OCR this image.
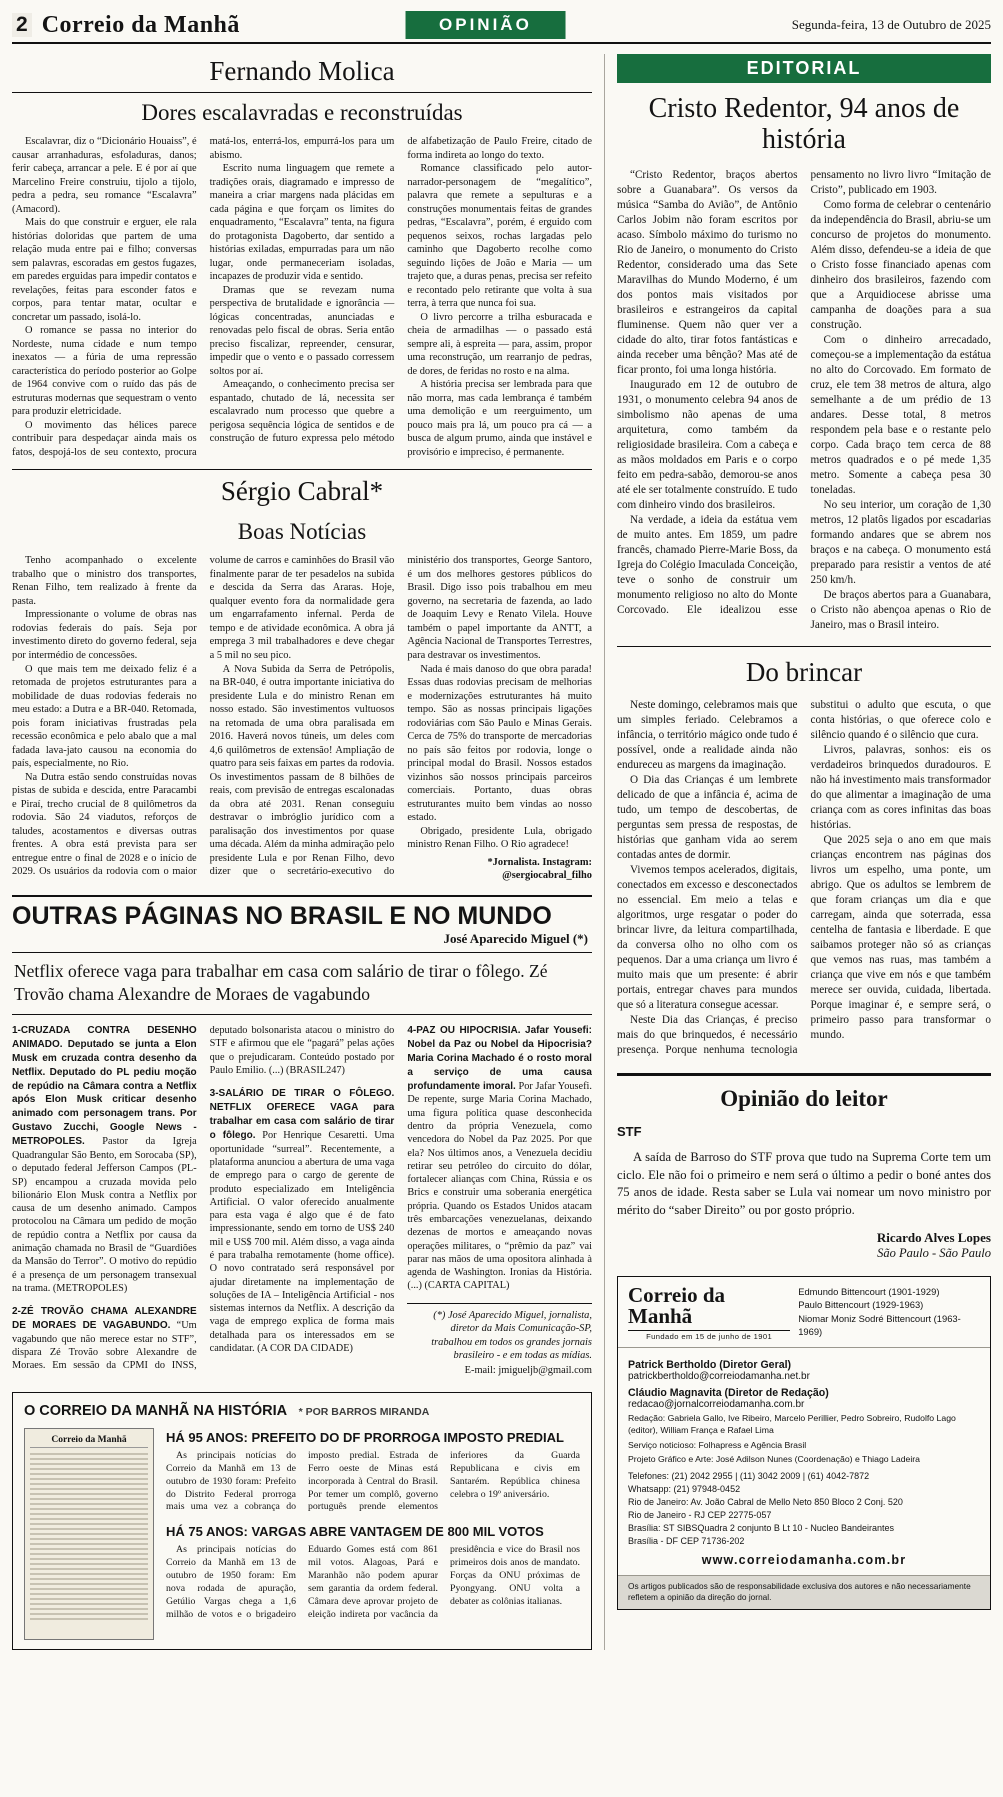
2 Correio da Manhã	OPINIÃO	Segunda-feira, 13 de Outubro de 2025
Fernando Molica
Dores escalavradas e reconstruídas

Escalavrar, diz o “Dicionário Houaiss”, é causar arranhaduras, esfoladuras, danos; ferir cabeça, arrancar a pele. E é por aí que Marcelino Freire construiu, tijolo a tijolo, pedra a pedra, seu romance “Escalavra” (Amacord).

Mais do que construir e erguer, ele rala histórias doloridas que partem de uma relação muda entre pai e filho; conversas sem palavras, escoradas em gestos fugazes, em paredes erguidas para impedir contatos e revelações, feitas para esconder fatos e corpos, para tentar matar, ocultar e concretar um passado, isolá-lo.

O romance se passa no interior do Nordeste, numa cidade e num tempo inexatos — a fúria de uma repressão característica do período posterior ao Golpe de 1964 convive com o ruído das pás de estruturas modernas que sequestram o vento para produzir eletricidade.

O movimento das hélices parece contribuir para despedaçar ainda mais os fatos, despojá-los de seu contexto, procura matá-los, enterrá-los, empurrá-los para um abismo.

Escrito numa linguagem que remete a tradições orais, diagramado e impresso de maneira a criar margens nada plácidas em cada página e que forçam os limites do enquadramento, “Escalavra” tenta, na figura do protagonista Dagoberto, dar sentido a histórias exiladas, empurradas para um não lugar, onde permaneceriam isoladas, incapazes de produzir vida e sentido.

Dramas que se revezam numa perspectiva de brutalidade e ignorância — lógicas concentradas, anunciadas e renovadas pelo fiscal de obras. Seria então preciso fiscalizar, repreender, censurar, impedir que o vento e o passado corressem soltos por aí.

Ameaçando, o conhecimento precisa ser espantado, chutado de lá, necessita ser escalavrado num processo que quebre a perigosa sequência lógica de sentidos e de construção de futuro expressa pelo método de alfabetização de Paulo Freire, citado de forma indireta ao longo do texto.

Romance classificado pelo autor-narrador-personagem de “megalítico”, palavra que remete a sepulturas e a construções monumentais feitas de grandes pedras, “Escalavra”, porém, é erguido com pequenos seixos, rochas largadas pelo caminho que Dagoberto recolhe como seguindo lições de João e Maria — um trajeto que, a duras penas, precisa ser refeito e recontado pelo retirante que volta à sua terra, à terra que nunca foi sua.

O livro percorre a trilha esburacada e cheia de armadilhas — o passado está sempre ali, à espreita — para, assim, propor uma reconstrução, um rearranjo de pedras, de dores, de feridas no rosto e na alma.

A história precisa ser lembrada para que não morra, mas cada lembrança é também uma demolição e um reerguimento, um pouco mais pra lá, um pouco pra cá — a busca de algum prumo, ainda que instável e provisório e impreciso, é permanente.

Sérgio Cabral*
Boas Notícias

Tenho acompanhado o excelente trabalho que o ministro dos transportes, Renan Filho, tem realizado à frente da pasta.

Impressionante o volume de obras nas rodovias federais do país. Seja por investimento direto do governo federal, seja por intermédio de concessões.

O que mais tem me deixado feliz é a retomada de projetos estruturantes para a mobilidade de duas rodovias federais no meu estado: a Dutra e a BR-040. Retomada, pois foram iniciativas frustradas pela recessão econômica e pelo abalo que a mal fadada lava-jato causou na economia do país, especialmente, no Rio.

Na Dutra estão sendo construídas novas pistas de subida e descida, entre Paracambi e Piraí, trecho crucial de 8 quilômetros da rodovia. São 24 viadutos, reforços de taludes, acostamentos e diversas outras frentes. A obra está prevista para ser entregue entre o final de 2028 e o início de 2029. Os usuários da rodovia com o maior volume de carros e caminhões do Brasil vão finalmente parar de ter pesadelos na subida e descida da Serra das Araras. Hoje, qualquer evento fora da normalidade gera um engarrafamento infernal. Perda de tempo e de atividade econômica. A obra já emprega 3 mil trabalhadores e deve chegar a 5 mil no seu pico.

A Nova Subida da Serra de Petrópolis, na BR-040, é outra importante iniciativa do presidente Lula e do ministro Renan em nosso estado. São investimentos vultuosos na retomada de uma obra paralisada em 2016. Haverá novos túneis, um deles com 4,6 quilômetros de extensão! Ampliação de quatro para seis faixas em partes da rodovia. Os investimentos passam de 8 bilhões de reais, com previsão de entregas escalonadas da obra até 2031. Renan conseguiu destravar o imbróglio jurídico com a paralisação dos investimentos por quase uma década. Além da minha admiração pelo presidente Lula e por Renan Filho, devo dizer que o secretário-executivo do ministério dos transportes, George Santoro, é um dos melhores gestores públicos do Brasil. Digo isso pois trabalhou em meu governo, na secretaria de fazenda, ao lado de Joaquim Levy e Renato Vilela. Houve também o papel importante da ANTT, a Agência Nacional de Transportes Terrestres, para destravar os investimentos.

Nada é mais danoso do que obra parada! Essas duas rodovias precisam de melhorias e modernizações estruturantes há muito tempo. São as nossas principais ligações rodoviárias com São Paulo e Minas Gerais. Cerca de 75% do transporte de mercadorias no país são feitos por rodovia, longe o principal modal do Brasil. Nossos estados vizinhos são nossos principais parceiros comerciais. Portanto, duas obras estruturantes muito bem vindas ao nosso estado.

Obrigado, presidente Lula, obrigado ministro Renan Filho. O Rio agradece!

*Jornalista. Instagram: @sergiocabral_filho

OUTRAS PÁGINAS NO BRASIL E NO MUNDO
José Aparecido Miguel (*)
Netflix oferece vaga para trabalhar em casa com salário de tirar o fôlego. Zé Trovão chama Alexandre de Moraes de vagabundo
1-CRUZADA CONTRA DESENHO ANIMADO. Deputado se junta a Elon Musk em cruzada contra desenho da Netflix. Deputado do PL pediu moção de repúdio na Câmara contra a Netflix após Elon Musk criticar desenho animado com personagem trans. Por Gustavo Zucchi, Google News - METROPOLES. Pastor da Igreja Quadrangular São Bento, em Sorocaba (SP), o deputado federal Jefferson Campos (PL-SP) encampou a cruzada movida pelo bilionário Elon Musk contra a Netflix por causa de um desenho animado. Campos protocolou na Câmara um pedido de moção de repúdio contra a Netflix por causa da animação chamada no Brasil de “Guardiões da Mansão do Terror”. O motivo do repúdio é a presença de um personagem transexual na trama. (METROPOLES)
2-ZÉ TROVÃO CHAMA ALEXANDRE DE MORAES DE VAGABUNDO. “Um vagabundo que não merece estar no STF”, dispara Zé Trovão sobre Alexandre de Moraes. Em sessão da CPMI do INSS, deputado bolsonarista atacou o ministro do STF e afirmou que ele “pagará” pelas ações que o prejudicaram. Conteúdo postado por Paulo Emilio. (...) (BRASIL247)
3-SALÁRIO DE TIRAR O FÔLEGO. NETFLIX OFERECE VAGA para trabalhar em casa com salário de tirar o fôlego. Por Henrique Cesaretti. Uma oportunidade “surreal”. Recentemente, a plataforma anunciou a abertura de uma vaga de emprego para o cargo de gerente de produto especializado em Inteligência Artificial. O valor oferecido anualmente para esta vaga é algo que é de fato impressionante, sendo em torno de US$ 240 mil e US$ 700 mil. Além disso, a vaga ainda é para trabalha remotamente (home office). O novo contratado será responsável por ajudar diretamente na implementação de soluções de IA – Inteligência Artificial - nos sistemas internos da Netflix. A descrição da vaga de emprego explica de forma mais detalhada para os interessados em se candidatar. (A COR DA CIDADE)
4-PAZ OU HIPOCRISIA. Jafar Yousefi: Nobel da Paz ou Nobel da Hipocrisia? Maria Corina Machado é o rosto moral a serviço de uma causa profundamente imoral. Por Jafar Yousefi. De repente, surge Maria Corina Machado, uma figura política quase desconhecida dentro da própria Venezuela, como vencedora do Nobel da Paz 2025. Por que ela? Nos últimos anos, a Venezuela decidiu retirar seu petróleo do circuito do dólar, fortalecer alianças com China, Rússia e os Brics e construir uma soberania energética própria. Quando os Estados Unidos atacam três embarcações venezuelanas, deixando dezenas de mortos e ameaçando novas operações militares, o “prêmio da paz” vai parar nas mãos de uma opositora alinhada à agenda de Washington. Ironias da História. (...) (CARTA CAPITAL)
(*) José Aparecido Miguel, jornalista, diretor da Mais Comunicação-SP, trabalhou em todos os grandes jornais brasileiro - e em todas as mídias.
E-mail: jmigueljb@gmail.com
O CORREIO DA MANHÃ NA HISTÓRIA * POR BARROS MIRANDA
Correio da Manhã	HÁ 95 ANOS: PREFEITO DO DF PRORROGA IMPOSTO PREDIAL

As principais notícias do Correio da Manhã em 13 de outubro de 1930 foram: Prefeito do Distrito Federal prorroga mais uma vez a cobrança do imposto predial. Estrada de Ferro oeste de Minas está incorporada à Central do Brasil. Por temer um complô, governo português prende elementos inferiores da Guarda Republicana e civis em Santarém. República chinesa celebra o 19º aniversário.

HÁ 75 ANOS: VARGAS ABRE VANTAGEM DE 800 MIL VOTOS

As principais notícias do Correio da Manhã em 13 de outubro de 1950 foram: Em nova rodada de apuração, Getúlio Vargas chega a 1,6 milhão de votos e o brigadeiro Eduardo Gomes está com 861 mil votos. Alagoas, Pará e Maranhão não podem apurar sem garantia da ordem federal. Câmara deve aprovar projeto de eleição indireta por vacância da presidência e vice do Brasil nos primeiros dois anos de mandato. Forças da ONU próximas de Pyongyang. ONU volta a debater as colônias italianas.

EDITORIAL
Cristo Redentor, 94 anos de história

“Cristo Redentor, braços abertos sobre a Guanabara”. Os versos da música “Samba do Avião”, de Antônio Carlos Jobim não foram escritos por acaso. Símbolo máximo do turismo no Rio de Janeiro, o monumento do Cristo Redentor, considerado uma das Sete Maravilhas do Mundo Moderno, é um dos pontos mais visitados por brasileiros e estrangeiros da capital fluminense. Quem não quer ver a cidade do alto, tirar fotos fantásticas e ainda receber uma bênção? Mas até de ficar pronto, foi uma longa história.

Inaugurado em 12 de outubro de 1931, o monumento celebra 94 anos de simbolismo não apenas de uma arquitetura, como também da religiosidade brasileira. Com a cabeça e as mãos moldados em Paris e o corpo feito em pedra-sabão, demorou-se anos até ele ser totalmente construído. E tudo com dinheiro vindo dos brasileiros.

Na verdade, a ideia da estátua vem de muito antes. Em 1859, um padre francês, chamado Pierre-Marie Boss, da Igreja do Colégio Imaculada Conceição, teve o sonho de construir um monumento religioso no alto do Monte Corcovado. Ele idealizou esse pensamento no livro livro “Imitação de Cristo”, publicado em 1903.

Como forma de celebrar o centenário da independência do Brasil, abriu-se um concurso de projetos do monumento. Além disso, defendeu-se a ideia de que o Cristo fosse financiado apenas com dinheiro dos brasileiros, fazendo com que a Arquidiocese abrisse uma campanha de doações para a sua construção.

Com o dinheiro arrecadado, começou-se a implementação da estátua no alto do Corcovado. Em formato de cruz, ele tem 38 metros de altura, algo semelhante a de um prédio de 13 andares. Desse total, 8 metros respondem pela base e o restante pelo corpo. Cada braço tem cerca de 88 metros quadrados e o pé mede 1,35 metro. Somente a cabeça pesa 30 toneladas.

No seu interior, um coração de 1,30 metros, 12 platôs ligados por escadarias formando andares que se abrem nos braços e na cabeça. O monumento está preparado para resistir a ventos de até 250 km/h.

De braços abertos para a Guanabara, o Cristo não abençoa apenas o Rio de Janeiro, mas o Brasil inteiro.

Do brincar

Neste domingo, celebramos mais que um simples feriado. Celebramos a infância, o território mágico onde tudo é possível, onde a realidade ainda não endureceu as margens da imaginação.

O Dia das Crianças é um lembrete delicado de que a infância é, acima de tudo, um tempo de descobertas, de perguntas sem pressa de respostas, de histórias que ganham vida ao serem contadas antes de dormir.

Vivemos tempos acelerados, digitais, conectados em excesso e desconectados no essencial. Em meio a telas e algoritmos, urge resgatar o poder do brincar livre, da leitura compartilhada, da conversa olho no olho com os pequenos. Dar a uma criança um livro é muito mais que um presente: é abrir portais, entregar chaves para mundos que só a literatura consegue acessar.

Neste Dia das Crianças, é preciso mais do que brinquedos, é necessário presença. Porque nenhuma tecnologia substitui o adulto que escuta, o que conta histórias, o que oferece colo e silêncio quando é o silêncio que cura.

Livros, palavras, sonhos: eis os verdadeiros brinquedos duradouros. E não há investimento mais transformador do que alimentar a imaginação de uma criança com as cores infinitas das boas histórias.

Que 2025 seja o ano em que mais crianças encontrem nas páginas dos livros um espelho, uma ponte, um abrigo. Que os adultos se lembrem de que foram crianças um dia e que carregam, ainda que soterrada, essa centelha de fantasia e liberdade. E que saibamos proteger não só as crianças que vemos nas ruas, mas também a criança que vive em nós e que também merece ser ouvida, cuidada, libertada. Porque imaginar é, e sempre será, o primeiro passo para transformar o mundo.

Opinião do leitor
STF

A saída de Barroso do STF prova que tudo na Suprema Corte tem um ciclo. Ele não foi o primeiro e nem será o último a pedir o boné antes dos 75 anos de idade. Resta saber se Lula vai nomear um novo ministro por mérito do “saber Direito” ou por gosto próprio.

Ricardo Alves Lopes
São Paulo - São Paulo
Correio da Manhã
Fundado em 15 de junho de 1901
Edmundo Bittencourt (1901-1929)
Paulo Bittencourt (1929-1963)
Niomar Moniz Sodré Bittencourt (1963-1969)
Patrick Bertholdo (Diretor Geral)
patrickbertholdo@correiodamanha.net.br
Cláudio Magnavita (Diretor de Redação)
redacao@jornalcorreiodamanha.com.br
Redação: Gabriela Gallo, Ive Ribeiro, Marcelo Perillier, Pedro Sobreiro, Rudolfo Lago (editor), William França e Rafael Lima
Serviço noticioso: Folhapress e Agência Brasil
Projeto Gráfico e Arte: José Adilson Nunes (Coordenação) e Thiago Ladeira
Telefones: (21) 2042 2955 | (11) 3042 2009 | (61) 4042-7872
Whatsapp: (21) 97948-0452
Rio de Janeiro: Av. João Cabral de Mello Neto 850 Bloco 2 Conj. 520
Rio de Janeiro - RJ CEP 22775-057
Brasília: ST SIBSQuadra 2 conjunto B Lt 10 - Nucleo Bandeirantes
Brasília - DF CEP 71736-202
www.correiodamanha.com.br
Os artigos publicados são de responsabilidade exclusiva dos autores e não necessariamente refletem a opinião da direção do jornal.
